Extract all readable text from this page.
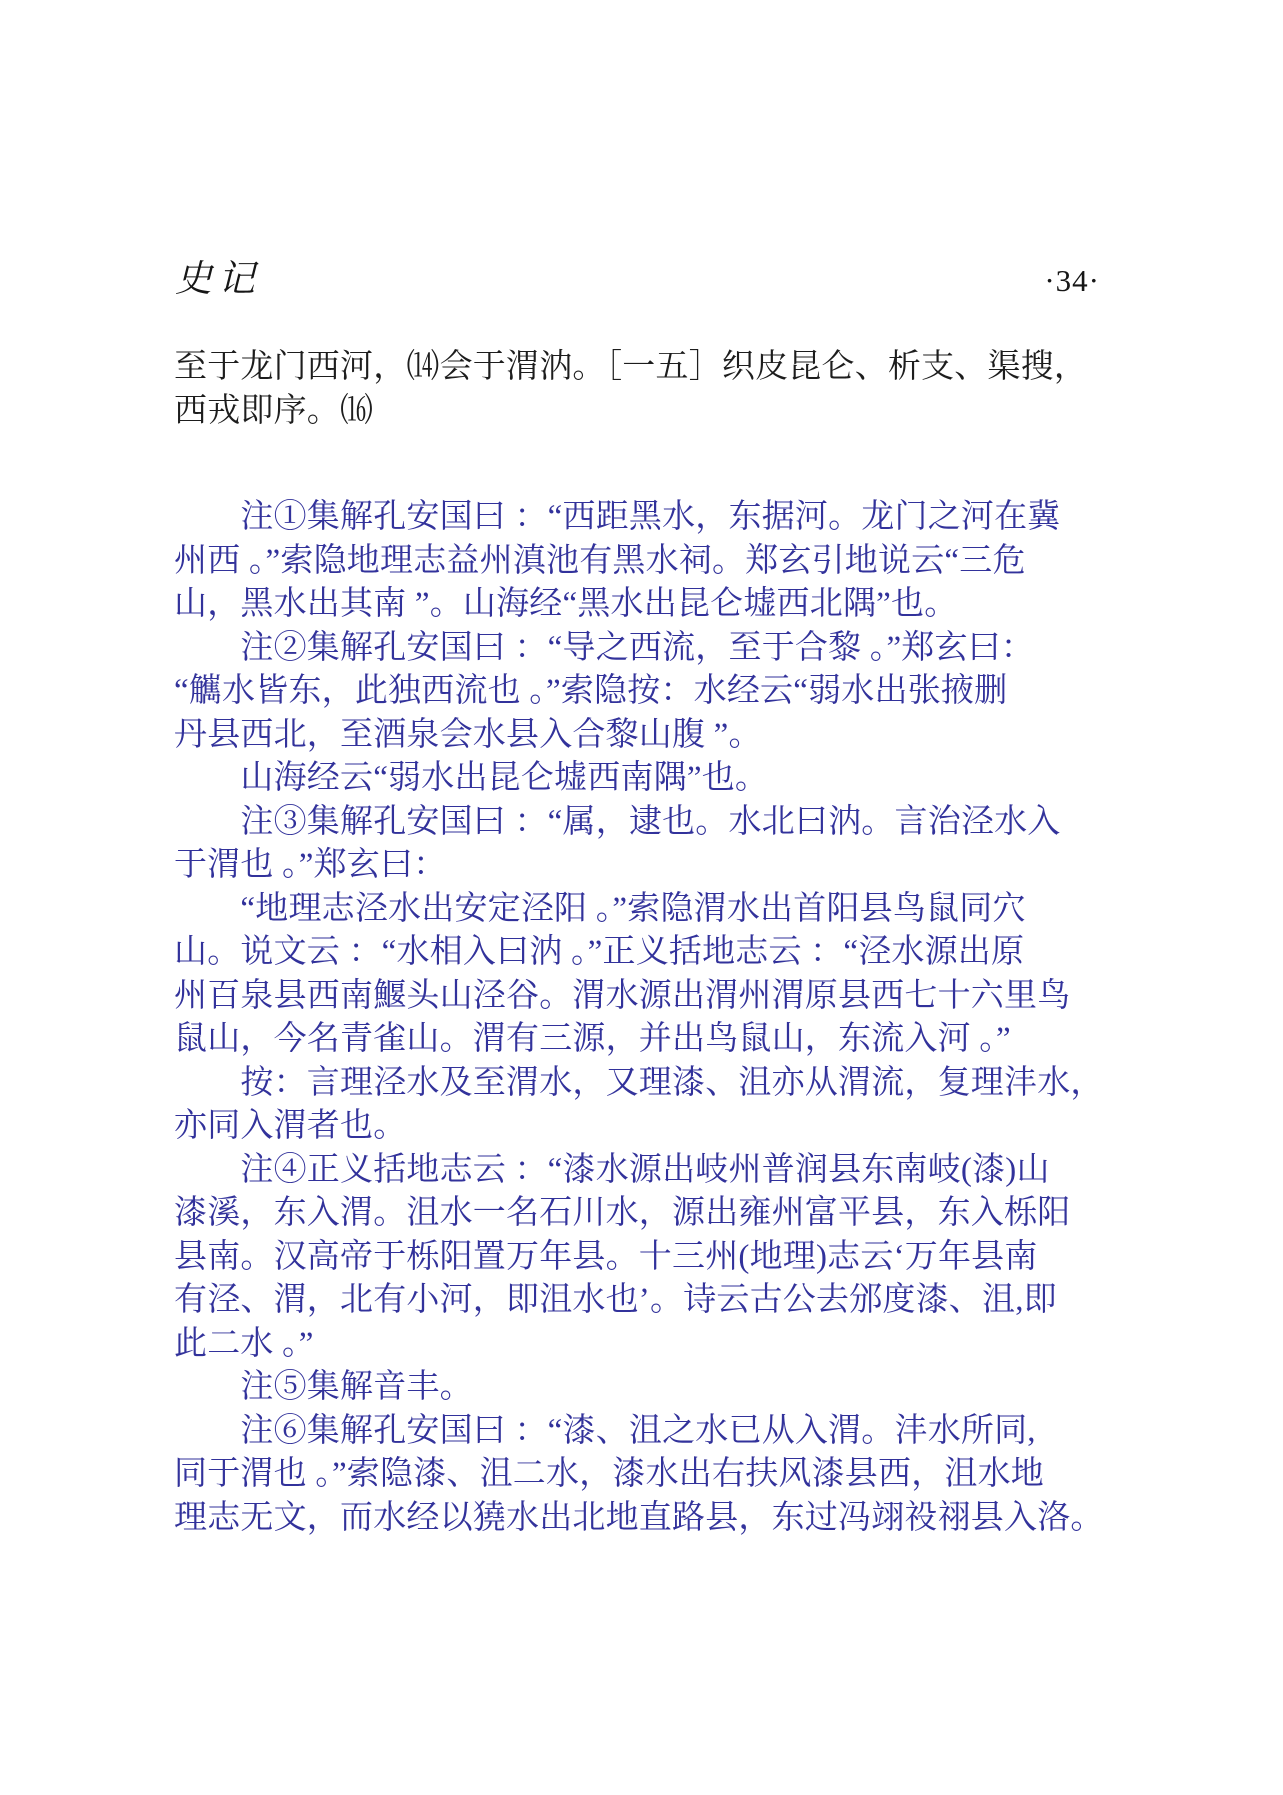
史记	·34·
至于龙门西河，⒁会于渭汭。［一五］织皮昆仑、析支、渠搜，
西戎即序。⒃
　　注①集解孔安国曰 ：“西距黑水，东据河。龙门之河在冀
州西 。”索隐地理志益州滇池有黑水祠。郑玄引地说云“三危
山，黑水出其南 ”。山海经“黑水出昆仑墟西北隅”也。
　　注②集解孔安国曰 ：“导之西流，至于合黎 。”郑玄曰：
“觽水皆东，此独西流也 。”索隐按：水经云“弱水出张掖删
丹县西北，至酒泉会水县入合黎山腹 ”。
　　山海经云“弱水出昆仑墟西南隅”也。
　　注③集解孔安国曰 ：“属，逮也。水北曰汭。言治泾水入
于渭也 。”郑玄曰：
　　“地理志泾水出安定泾阳 。”索隐渭水出首阳县鸟鼠同穴
山。说文云 ：“水相入曰汭 。”正义括地志云 ：“泾水源出原
州百泉县西南鰋头山泾谷。渭水源出渭州渭原县西七十六里鸟
鼠山，今名青雀山。渭有三源，并出鸟鼠山，东流入河 。”
　　按：言理泾水及至渭水，又理漆、沮亦从渭流，复理沣水，
亦同入渭者也。
　　注④正义括地志云 ：“漆水源出岐州普润县东南岐(漆)山
漆溪，东入渭。沮水一名石川水，源出雍州富平县，东入栎阳
县南。汉高帝于栎阳置万年县。十三州(地理)志云‘万年县南
有泾、渭，北有小河，即沮水也’。诗云古公去邠度漆、沮,即
此二水 。”
　　注⑤集解音丰。
　　注⑥集解孔安国曰 ：“漆、沮之水已从入渭。沣水所同,
同于渭也 。”索隐漆、沮二水，漆水出右扶风漆县西，沮水地
理志无文，而水经以獟水出北地直路县，东过冯翊祋祤县入洛。
